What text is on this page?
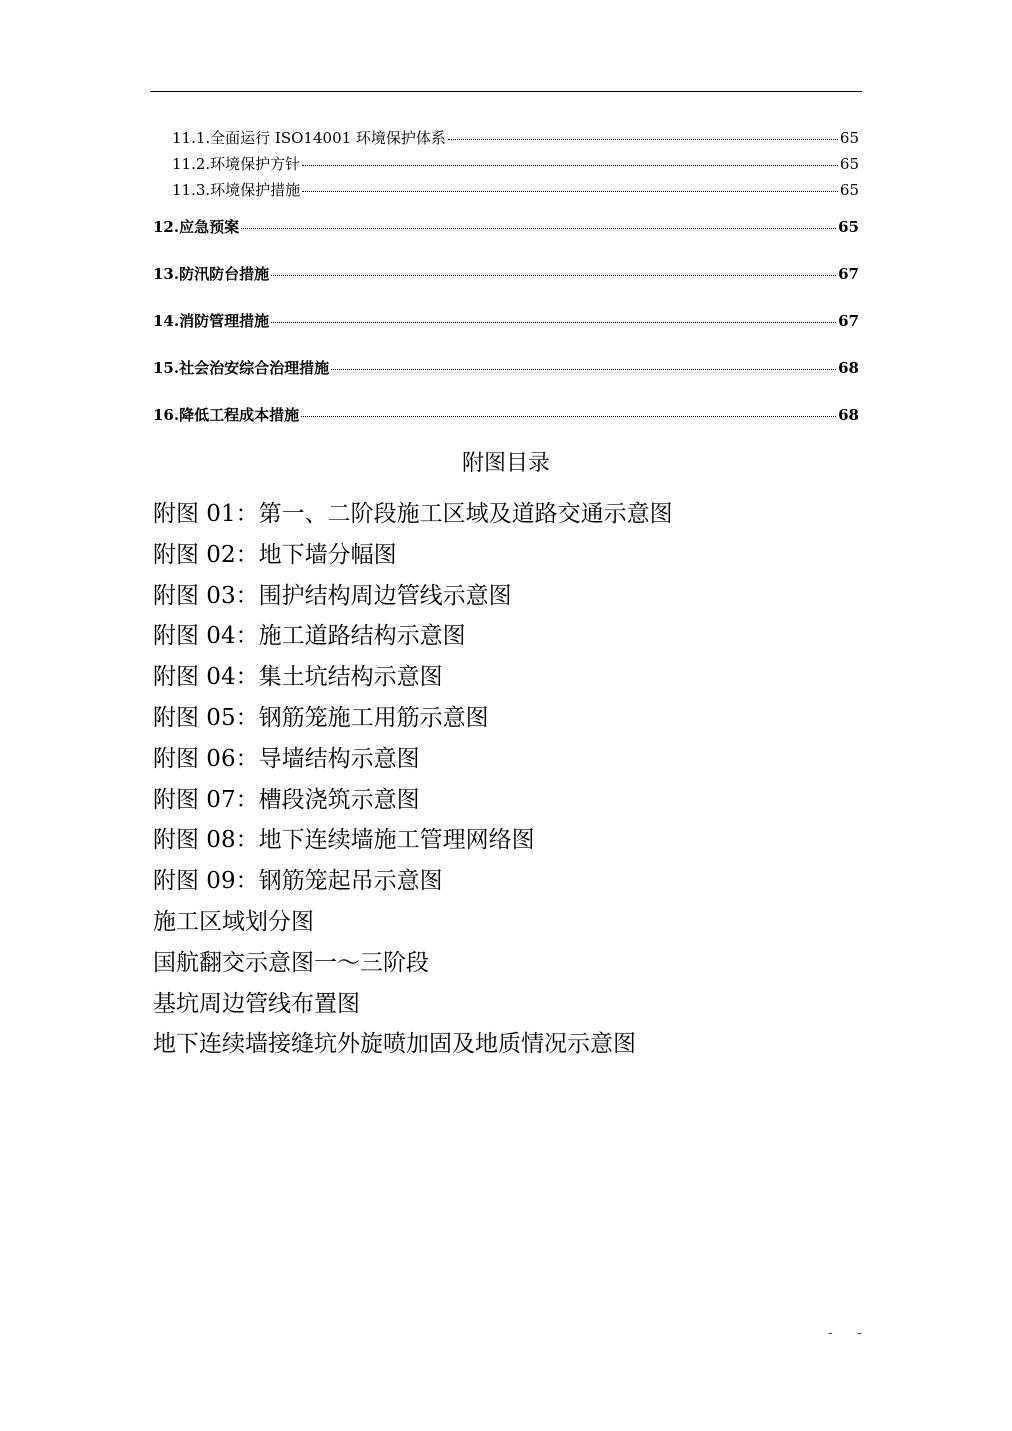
11.1.全面运行 ISO14001 环境保护体系	65
11.2.环境保护方针	65
11.3.环境保护措施	65
12.应急预案	65
13.防汛防台措施	67
14.消防管理措施	67
15.社会治安综合治理措施	68
16.降低工程成本措施	68
附图目录
附图 01：第一、二阶段施工区域及道路交通示意图
附图 02：地下墙分幅图
附图 03：围护结构周边管线示意图
附图 04：施工道路结构示意图
附图 04：集土坑结构示意图
附图 05：钢筋笼施工用筋示意图
附图 06：导墙结构示意图
附图 07：槽段浇筑示意图
附图 08：地下连续墙施工管理网络图
附图 09：钢筋笼起吊示意图
施工区域划分图
国航翻交示意图一～三阶段
基坑周边管线布置图
地下连续墙接缝坑外旋喷加固及地质情况示意图
- -
